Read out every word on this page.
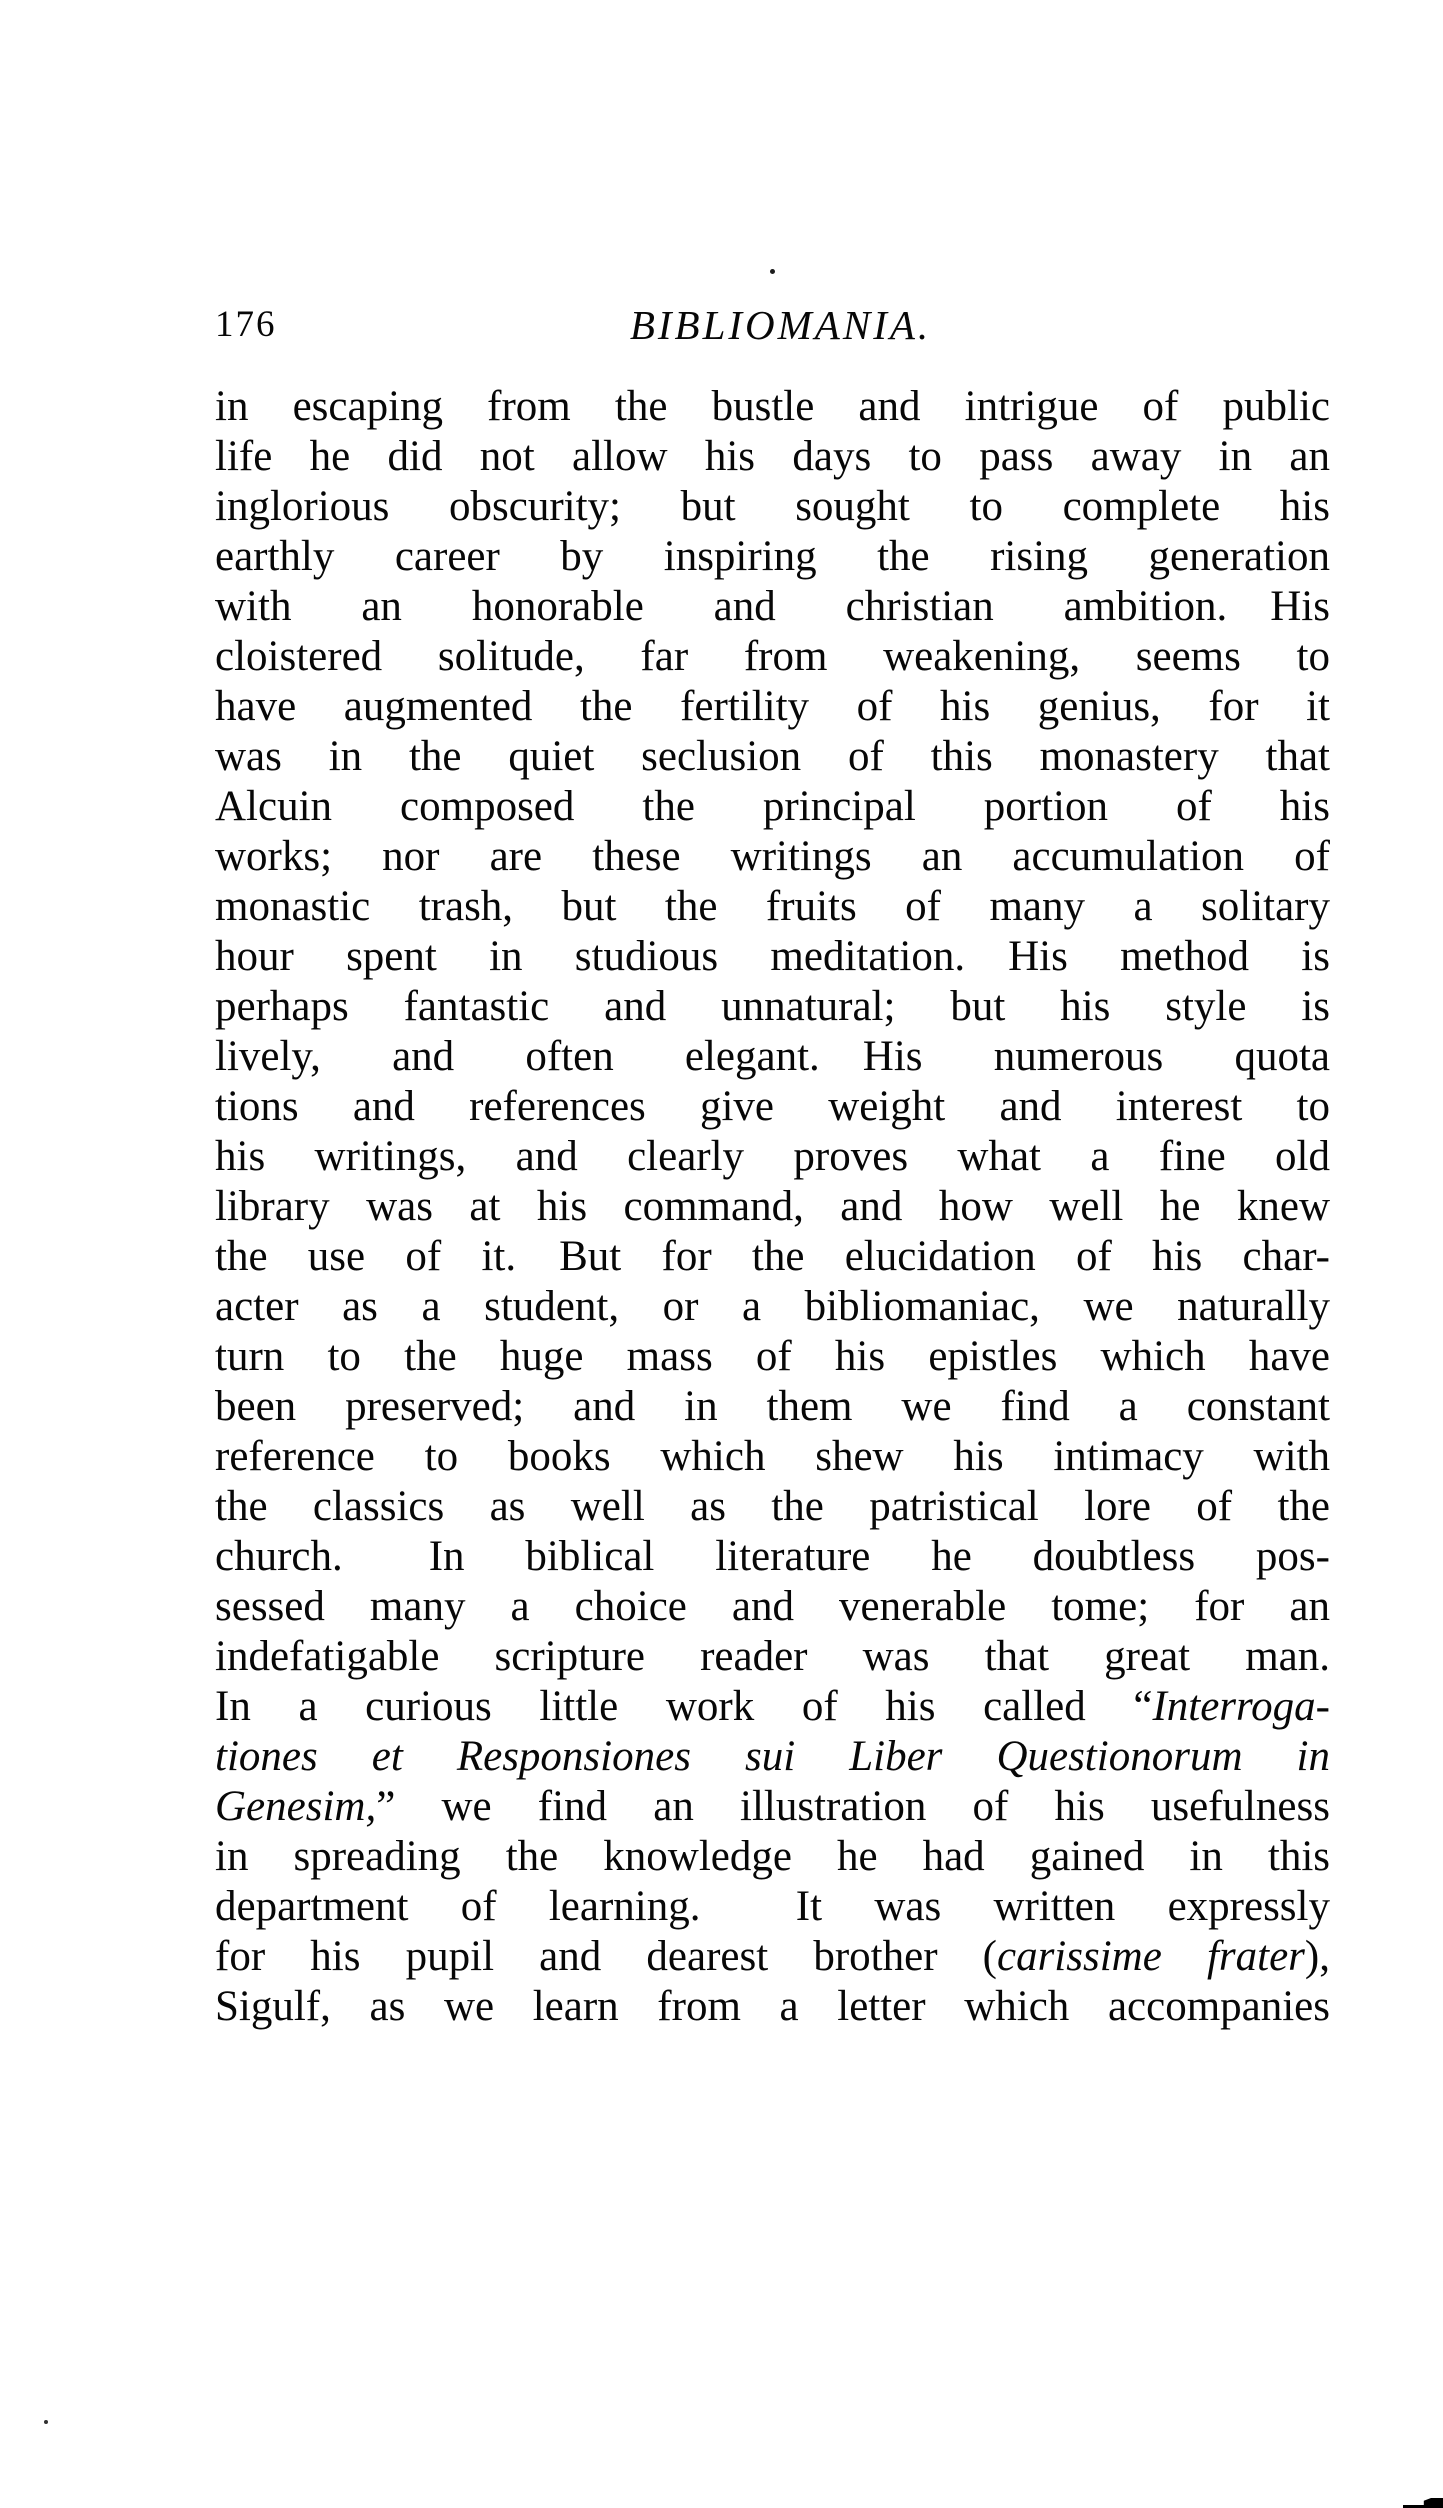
176	BIBLIOMANIA.
in escaping from the bustle and intrigue of public
life he did not allow his days to pass away in an
inglorious obscurity; but sought to complete his
earthly career by inspiring the rising generation
with an honorable and christian ambition. His
cloistered solitude, far from weakening, seems to
have augmented the fertility of his genius, for it
was in the quiet seclusion of this monastery that
Alcuin composed the principal portion of his
works; nor are these writings an accumulation of
monastic trash, but the fruits of many a solitary
hour spent in studious meditation. His method is
perhaps fantastic and unnatural; but his style is
lively, and often elegant. His numerous quota
tions and references give weight and interest to
his writings, and clearly proves what a fine old
library was at his command, and how well he knew
the use of it. But for the elucidation of his char-
acter as a student, or a bibliomaniac, we naturally
turn to the huge mass of his epistles which have
been preserved; and in them we find a constant
reference to books which shew his intimacy with
the classics as well as the patristical lore of the
church.  In biblical literature he doubtless pos-
sessed many a choice and venerable tome; for an
indefatigable scripture reader was that great man.
In a curious little work of his called “Interroga-
tiones et Responsiones sui Liber Questionorum in
Genesim,” we find an illustration of his usefulness
in spreading the knowledge he had gained in this
department of learning.  It was written expressly
for his pupil and dearest brother (carissime frater),
Sigulf, as we learn from a letter which accompanies
